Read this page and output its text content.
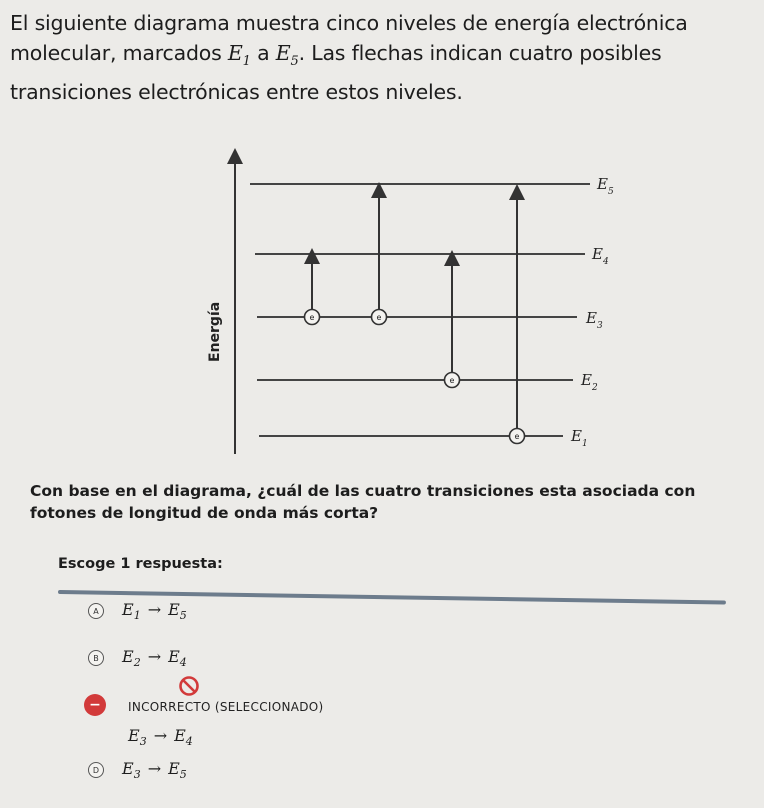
El siguiente diagrama muestra cinco niveles de energía electrónica molecular, marcados $E_1$ a $E_5$. Las flechas indican cuatro posibles transiciones electrónicas entre estos niveles.
Energía
$E_5$
$E_4$
$E_3$
$E_2$
$E_1$
e	e
e
e
Con base en el diagrama, ¿cuál de las cuatro transiciones esta asociada con fotones de longitud de onda más corta?
Escoge 1 respuesta:
A	$E_1 \to E_5$
B	$E_2 \to E_4$
−	INCORRECTO (SELECCIONADO)
$E_3 \to E_4$
D	$E_3 \to E_5$
